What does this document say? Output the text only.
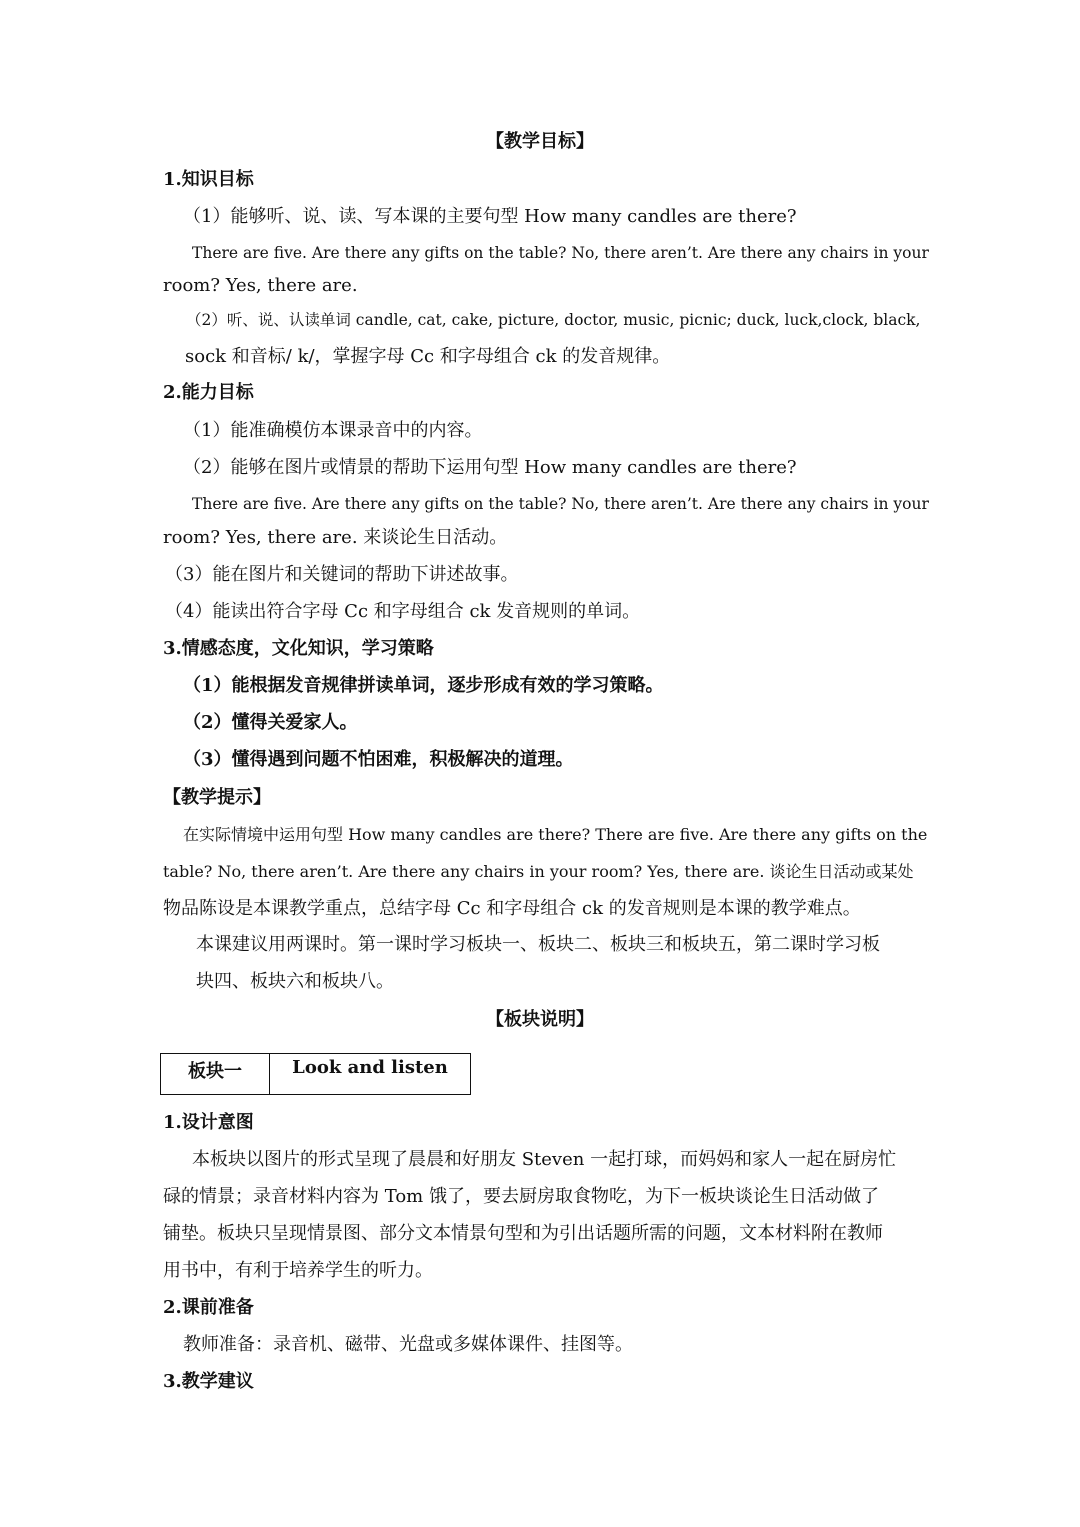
【教学目标】
1.知识目标
（1）能够听、说、读、写本课的主要句型 How many candles are there?
There are five. Are there any gifts on the table? No, there aren’t. Are there any chairs in your
room? Yes, there are.
（2）听、说、认读单词 candle, cat, cake, picture, doctor, music, picnic; duck, luck,clock, black,
sock 和音标/ k/，掌握字母 Cc 和字母组合 ck 的发音规律。
2.能力目标
（1）能准确模仿本课录音中的内容。
（2）能够在图片或情景的帮助下运用句型 How many candles are there?
There are five. Are there any gifts on the table? No, there aren’t. Are there any chairs in your
room? Yes, there are. 来谈论生日活动。
（3）能在图片和关键词的帮助下讲述故事。
（4）能读出符合字母 Cc 和字母组合 ck 发音规则的单词。
3.情感态度，文化知识，学习策略
（1）能根据发音规律拼读单词，逐步形成有效的学习策略。
（2）懂得关爱家人。
（3）懂得遇到问题不怕困难，积极解决的道理。
【教学提示】
在实际情境中运用句型 How many candles are there? There are five. Are there any gifts on the
table? No, there aren’t. Are there any chairs in your room? Yes, there are. 谈论生日活动或某处
物品陈设是本课教学重点，总结字母 Cc 和字母组合 ck 的发音规则是本课的教学难点。
本课建议用两课时。第一课时学习板块一、板块二、板块三和板块五，第二课时学习板
块四、板块六和板块八。
【板块说明】
板块一	Look and listen
1.设计意图
本板块以图片的形式呈现了晨晨和好朋友 Steven 一起打球，而妈妈和家人一起在厨房忙
碌的情景；录音材料内容为 Tom 饿了，要去厨房取食物吃，为下一板块谈论生日活动做了
铺垫。板块只呈现情景图、部分文本情景句型和为引出话题所需的问题，文本材料附在教师
用书中，有利于培养学生的听力。
2.课前准备
教师准备：录音机、磁带、光盘或多媒体课件、挂图等。
3.教学建议
